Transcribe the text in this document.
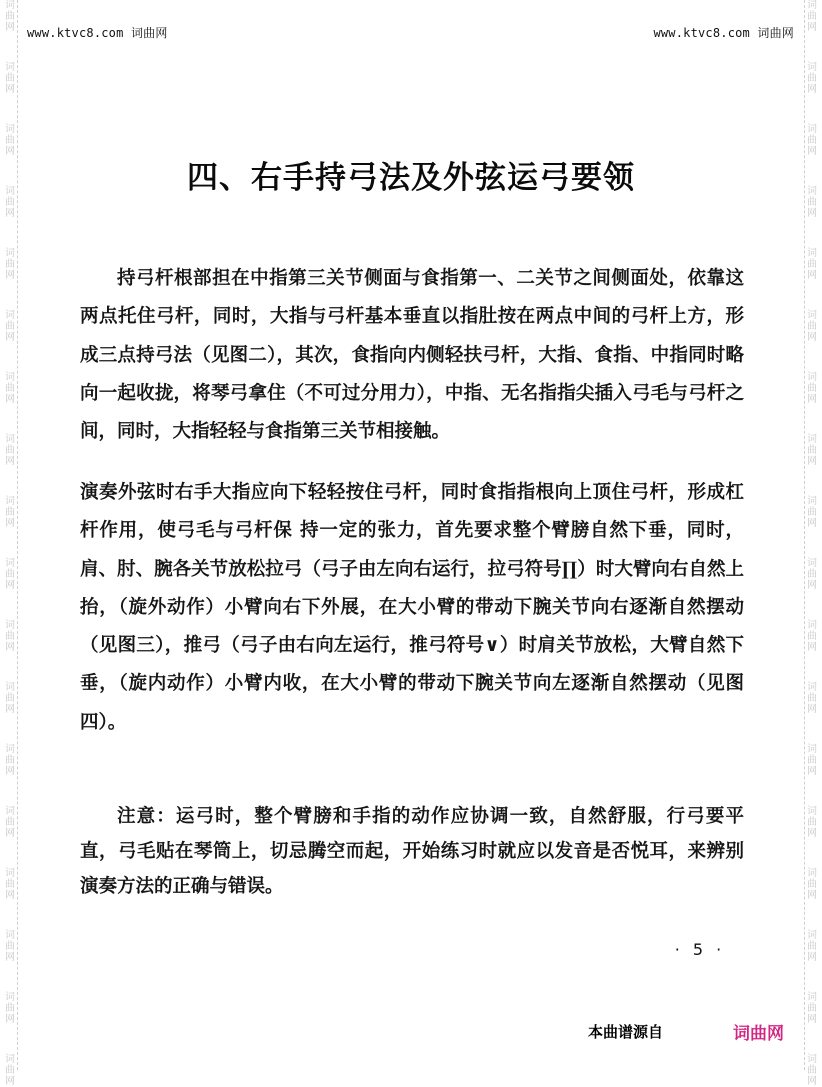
词曲网
词曲网
词曲网
词曲网
词曲网
词曲网
词曲网
词曲网
词曲网
词曲网
词曲网
词曲网
词曲网
词曲网
词曲网
词曲网
词曲网
词曲网
词曲网
词曲网
词曲网
词曲网
词曲网
词曲网
词曲网
词曲网
词曲网
词曲网
词曲网
词曲网
词曲网
词曲网
词曲网
词曲网
词曲网
词曲网
www.ktvc8.com 词曲网	www.ktvc8.com 词曲网
四、右手持弓法及外弦运弓要领

持弓杆根部担在中指第三关节侧面与食指第一、二关节之间侧面处，依靠这两点托住弓杆，同时，大指与弓杆基本垂直以指肚按在两点中间的弓杆上方，形成三点持弓法（见图二），其次，食指向内侧轻扶弓杆，大指、食指、中指同时略向一起收拢，将琴弓拿住（不可过分用力），中指、无名指指尖插入弓毛与弓杆之间，同时，大指轻轻与食指第三关节相接触。

演奏外弦时右手大指应向下轻轻按住弓杆，同时食指指根向上顶住弓杆，形成杠杆作用，使弓毛与弓杆保 持一定的张力，首先要求整个臂膀自然下垂，同时，肩、肘、腕各关节放松拉弓（弓子由左向右运行，拉弓符号∏）时大臂向右自然上抬，（旋外动作）小臂向右下外展，在大小臂的带动下腕关节向右逐渐自然摆动（见图三），推弓（弓子由右向左运行，推弓符号∨）时肩关节放松，大臂自然下垂，（旋内动作）小臂内收，在大小臂的带动下腕关节向左逐渐自然摆动（见图四）。

注意：运弓时，整个臂膀和手指的动作应协调一致，自然舒服，行弓要平直，弓毛贴在琴筒上，切忌腾空而起，开始练习时就应以发音是否悦耳，来辨别演奏方法的正确与错误。

· 5 ·
本曲谱源自	词曲网
